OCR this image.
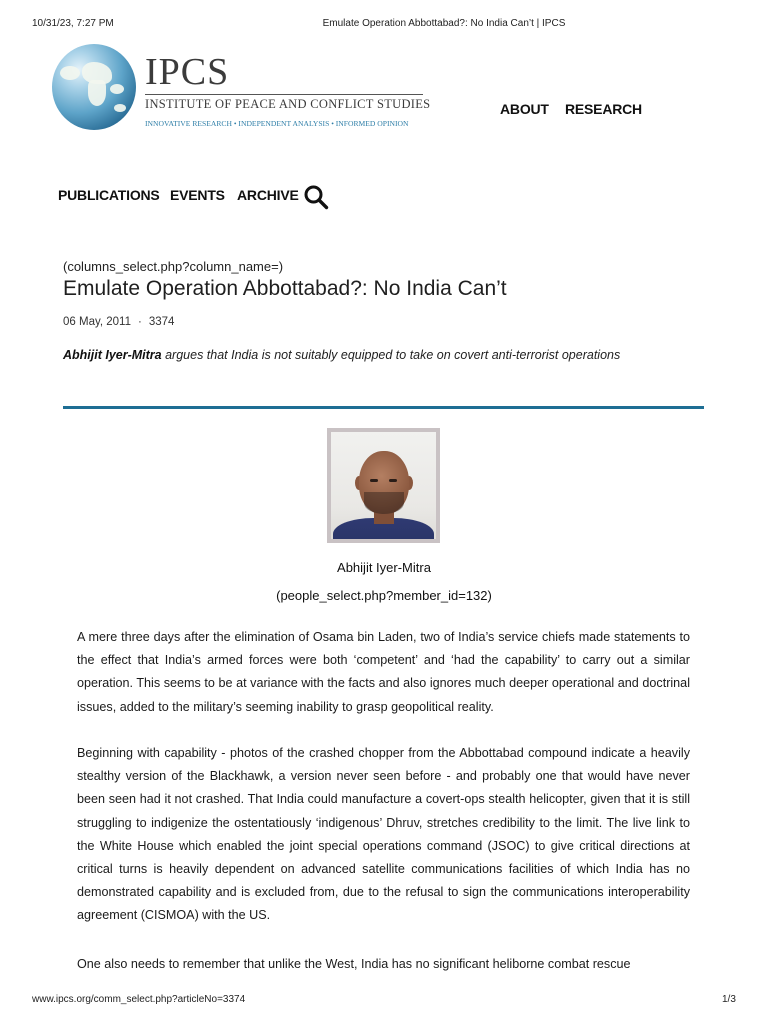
10/31/23, 7:27 PM	Emulate Operation Abbottabad?: No India Can’t | IPCS
IPCS
INSTITUTE OF PEACE AND CONFLICT STUDIES
INNOVATIVE RESEARCH • INDEPENDENT ANALYSIS • INFORMED OPINION
ABOUT RESEARCH
PUBLICATIONS EVENTS ARCHIVE
(columns_select.php?column_name=)
Emulate Operation Abbottabad?: No India Can’t
06 May, 2011 · 3374
Abhijit Iyer-Mitra argues that India is not suitably equipped to take on covert anti-terrorist operations
Abhijit Iyer-Mitra
(people_select.php?member_id=132)

A mere three days after the elimination of Osama bin Laden, two of India’s service chiefs made statements to the effect that India’s armed forces were both ‘competent’ and ‘had the capability’ to carry out a similar operation. This seems to be at variance with the facts and also ignores much deeper operational and doctrinal issues, added to the military’s seeming inability to grasp geopolitical reality.

Beginning with capability - photos of the crashed chopper from the Abbottabad compound indicate a heavily stealthy version of the Blackhawk, a version never seen before - and probably one that would have never been seen had it not crashed. That India could manufacture a covert-ops stealth helicopter, given that it is still struggling to indigenize the ostentatiously ‘indigenous’ Dhruv, stretches credibility to the limit. The live link to the White House which enabled the joint special operations command (JSOC) to give critical directions at critical turns is heavily dependent on advanced satellite communications facilities of which India has no demonstrated capability and is excluded from, due to the refusal to sign the communications interoperability agreement (CISMOA) with the US.

One also needs to remember that unlike the West, India has no significant heliborne combat rescue

www.ipcs.org/comm_select.php?articleNo=3374	1/3
